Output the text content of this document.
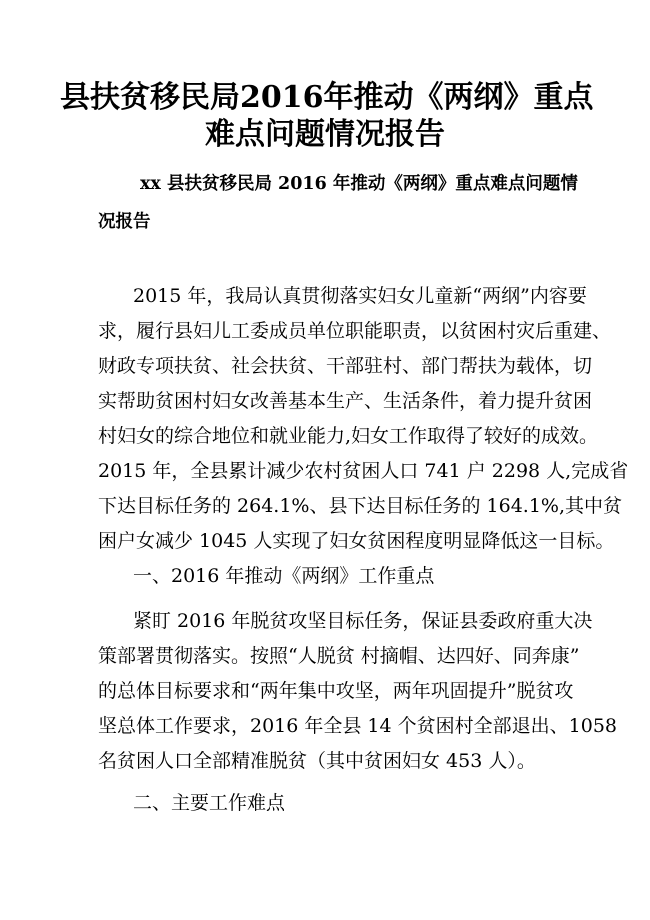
县扶贫移民局2016年推动《两纲》重点
难点问题情况报告
xx 县扶贫移民局 2016 年推动《两纲》重点难点问题情
况报告
2015 年，我局认真贯彻落实妇女儿童新“两纲”内容要
求，履行县妇儿工委成员单位职能职责，以贫困村灾后重建、
财政专项扶贫、社会扶贫、干部驻村、部门帮扶为载体，切
实帮助贫困村妇女改善基本生产、生活条件，着力提升贫困
村妇女的综合地位和就业能力,妇女工作取得了较好的成效。
2015 年，全县累计减少农村贫困人口 741 户 2298 人,完成省
下达目标任务的 264.1%、县下达目标任务的 164.1%,其中贫
困户女减少 1045 人实现了妇女贫困程度明显降低这一目标。
一、2016 年推动《两纲》工作重点
紧盯 2016 年脱贫攻坚目标任务，保证县委政府重大决
策部署贯彻落实。按照“人脱贫 村摘帽、达四好、同奔康”
的总体目标要求和“两年集中攻坚，两年巩固提升”脱贫攻
坚总体工作要求，2016 年全县 14 个贫困村全部退出、1058
名贫困人口全部精准脱贫（其中贫困妇女 453 人）。
二、主要工作难点
